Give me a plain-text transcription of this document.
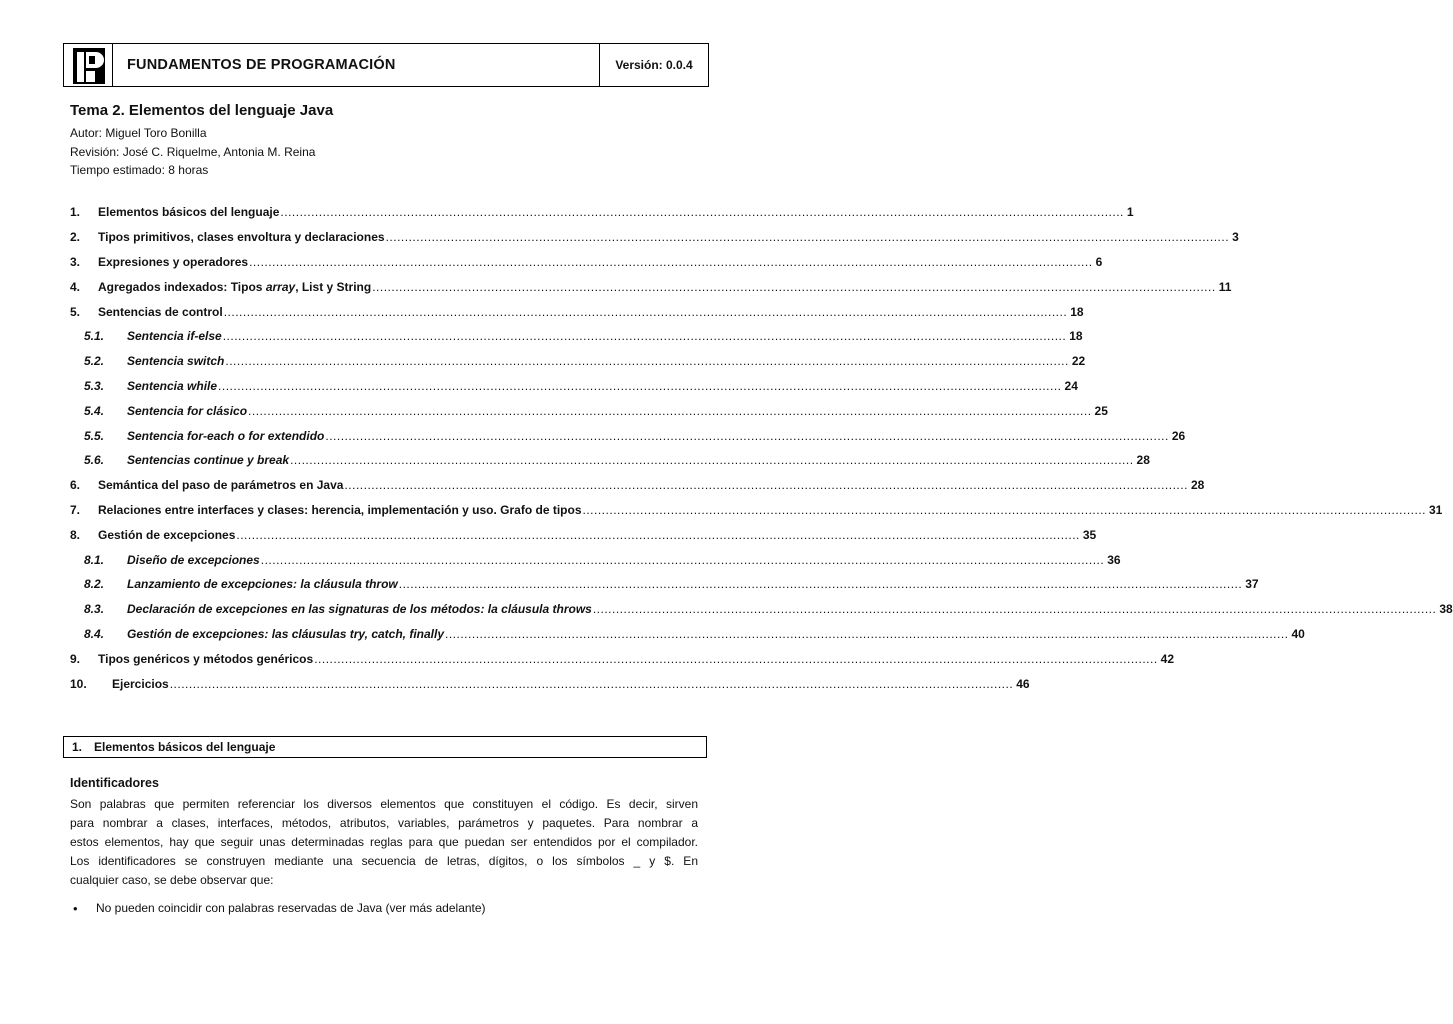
FUNDAMENTOS DE PROGRAMACIÓN	Versión: 0.0.4
Tema 2. Elementos del lenguaje Java
Autor: Miguel Toro Bonilla
Revisión: José C. Riquelme, Antonia M. Reina
Tiempo estimado: 8 horas
1. Elementos básicos del lenguaje ............................................................................................................................................................................................................................ 1
2. Tipos primitivos, clases envoltura y declaraciones ............................................................................................................................................................................................................................ 3
3. Expresiones y operadores ............................................................................................................................................................................................................................ 6
4. Agregados indexados: Tipos array, List y String ............................................................................................................................................................................................................................ 11
5. Sentencias de control ............................................................................................................................................................................................................................ 18
5.1. Sentencia if-else ............................................................................................................................................................................................................................ 18
5.2. Sentencia switch ............................................................................................................................................................................................................................ 22
5.3. Sentencia while ............................................................................................................................................................................................................................ 24
5.4. Sentencia for clásico ............................................................................................................................................................................................................................ 25
5.5. Sentencia for-each o for extendido ............................................................................................................................................................................................................................ 26
5.6. Sentencias continue y break ............................................................................................................................................................................................................................ 28
6. Semántica del paso de parámetros en Java ............................................................................................................................................................................................................................ 28
7. Relaciones entre interfaces y clases: herencia, implementación y uso. Grafo de tipos ............................................................................................................................................................................................................................ 31
8. Gestión de excepciones ............................................................................................................................................................................................................................ 35
8.1. Diseño de excepciones ............................................................................................................................................................................................................................ 36
8.2. Lanzamiento de excepciones: la cláusula throw ............................................................................................................................................................................................................................ 37
8.3. Declaración de excepciones en las signaturas de los métodos: la cláusula throws ............................................................................................................................................................................................................................ 38
8.4. Gestión de excepciones: las cláusulas try, catch, finally ............................................................................................................................................................................................................................ 40
9. Tipos genéricos y métodos genéricos ............................................................................................................................................................................................................................ 42
10. Ejercicios ............................................................................................................................................................................................................................ 46
1. Elementos básicos del lenguaje
Identificadores
Son palabras que permiten referenciar los diversos elementos que constituyen el código. Es decir, sirven
para nombrar a clases, interfaces, métodos, atributos, variables, parámetros y paquetes. Para nombrar a
estos elementos, hay que seguir unas determinadas reglas para que puedan ser entendidos por el compilador.
Los identificadores se construyen mediante una secuencia de letras, dígitos, o los símbolos _ y $. En
cualquier caso, se debe observar que:
•	No pueden coincidir con palabras reservadas de Java (ver más adelante)
